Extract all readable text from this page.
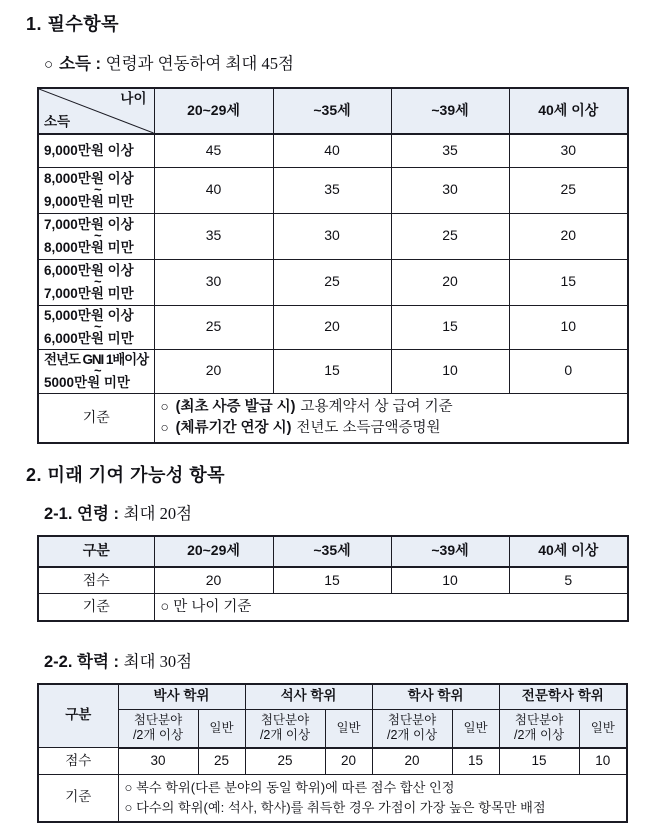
1. 필수항목
○ 소득 : 연령과 연동하여 최대 45점
나이
소득	20~29세	~35세	~39세	40세 이상

9,000만원 이상	45	40	35	30

8,000만원 이상
~
9,000만원 미만	40	35	30	25

7,000만원 이상
~
8,000만원 미만	35	30	25	20

6,000만원 이상
~
7,000만원 미만	30	25	20	15

5,000만원 이상
~
6,000만원 미만	25	20	15	10

전년도 GNI 1배이상
~
5000만원 미만	20	15	10	0
기준	○ (최초 사증 발급 시) 고용계약서 상 급여 기준
○ (체류기간 연장 시) 전년도 소득금액증명원			
2. 미래 기여 가능성 항목
2-1. 연령 : 최대 20점
구분	20~29세	~35세	~39세	40세 이상
점수	20	15	10	5
기준	○ 만 나이 기준			
2-2. 학력 : 최대 30점
구분	박사 학위		석사 학위		학사 학위		전문학사 학위	

첨단분야
/2개 이상
	일반	
첨단분야
/2개 이상
	일반	
첨단분야
/2개 이상
	일반	
첨단분야
/2개 이상
	일반
점수	30	25	25	20	20	15	15	10
기준	○ 복수 학위(다른 분야의 동일 학위)에 따른 점수 합산 인정
○ 다수의 학위(예: 석사, 학사)를 취득한 경우 가점이 가장 높은 항목만 배점							
